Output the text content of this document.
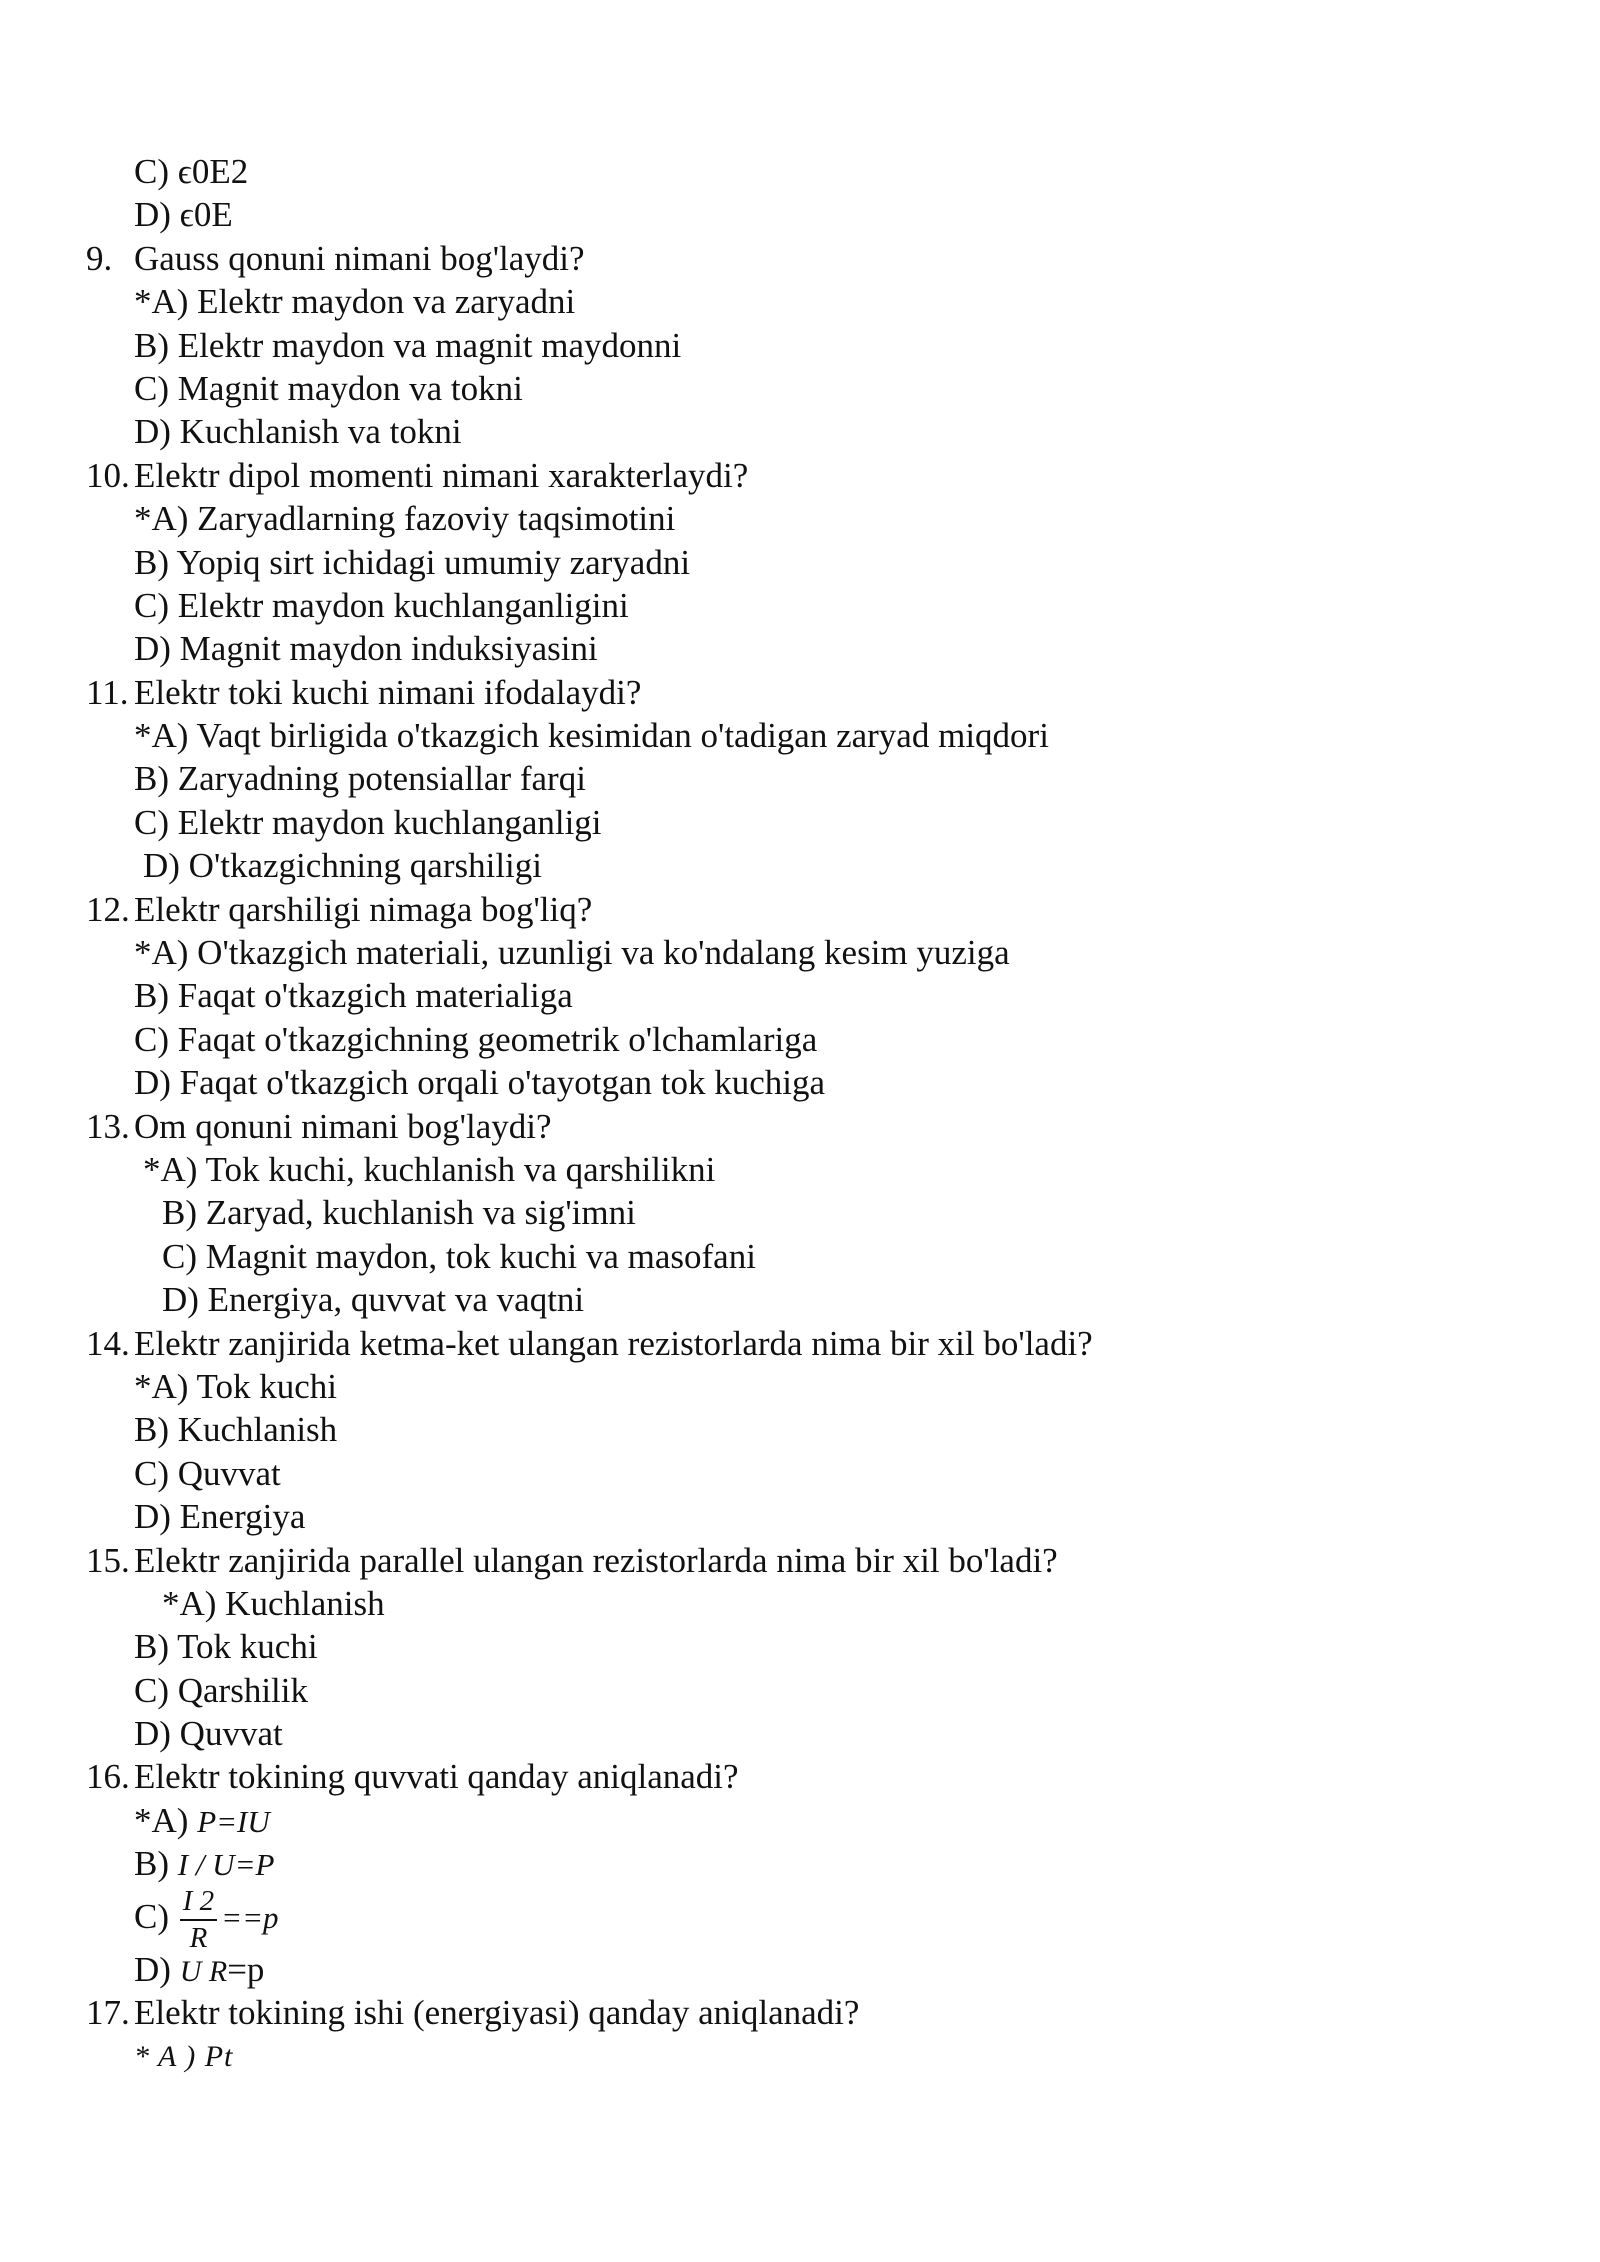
C) ϵ0E2
D) ϵ0E
9. Gauss qonuni nimani bog'laydi?
*A) Elektr maydon va zaryadni
B) Elektr maydon va magnit maydonni
C) Magnit maydon va tokni
D) Kuchlanish va tokni
10. Elektr dipol momenti nimani xarakterlaydi?
*A) Zaryadlarning fazoviy taqsimotini
B) Yopiq sirt ichidagi umumiy zaryadni
C) Elektr maydon kuchlanganligini
D) Magnit maydon induksiyasini
11. Elektr toki kuchi nimani ifodalaydi?
*A) Vaqt birligida o'tkazgich kesimidan o'tadigan zaryad miqdori
B) Zaryadning potensiallar farqi
C) Elektr maydon kuchlanganligi
D) O'tkazgichning qarshiligi
12. Elektr qarshiligi nimaga bog'liq?
*A) O'tkazgich materiali, uzunligi va ko'ndalang kesim yuziga
B) Faqat o'tkazgich materialiga
C) Faqat o'tkazgichning geometrik o'lchamlariga
D) Faqat o'tkazgich orqali o'tayotgan tok kuchiga
13. Om qonuni nimani bog'laydi?
*A) Tok kuchi, kuchlanish va qarshilikni
B) Zaryad, kuchlanish va sig'imni
C) Magnit maydon, tok kuchi va masofani
D) Energiya, quvvat va vaqtni
14. Elektr zanjirida ketma-ket ulangan rezistorlarda nima bir xil bo'ladi?
*A) Tok kuchi
B) Kuchlanish
C) Quvvat
D) Energiya
15. Elektr zanjirida parallel ulangan rezistorlarda nima bir xil bo'ladi?
*A) Kuchlanish
B) Tok kuchi
C) Qarshilik
D) Quvvat
16. Elektr tokining quvvati qanday aniqlanadi?
*A) P=IU
B) I / U=P
$C) \frac{I 2}{R} ==p$
D) U R=p
17. Elektr tokining ishi (energiyasi) qanday aniqlanadi?
* A ) Pt
